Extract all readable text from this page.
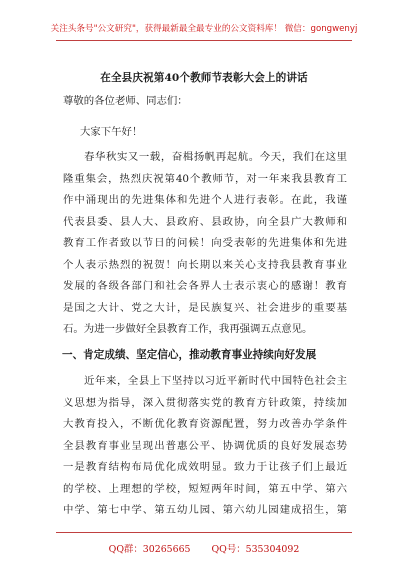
关注头条号"公文研究"，获得最新最全最专业的公文资料库！ 微信：gongwenyj
在全县庆祝第40个教师节表彰大会上的讲话
尊敬的各位老师、同志们：
大家下午好！
春华秋实又一载，奋楫扬帆再起航。今天，我们在这里
隆重集会，热烈庆祝第40个教师节，对一年来我县教育工
作中涌现出的先进集体和先进个人进行表彰。在此，我谨
代表县委、县人大、县政府、县政协，向全县广大教师和
教育工作者致以节日的问候！向受表彰的先进集体和先进
个人表示热烈的祝贺！向长期以来关心支持我县教育事业
发展的各级各部门和社会各界人士表示衷心的感谢！教育
是国之大计、党之大计，是民族复兴、社会进步的重要基
石。为进一步做好全县教育工作，我再强调五点意见。
一、肯定成绩、坚定信心，推动教育事业持续向好发展
近年来，全县上下坚持以习近平新时代中国特色社会主
义思想为指导，深入贯彻落实党的教育方针政策，持续加
大教育投入，不断优化教育资源配置，努力改善办学条件
全县教育事业呈现出普惠公平、协调优质的良好发展态势
一是教育结构布局优化成效明显。致力于让孩子们上最近
的学校、上理想的学校，短短两年时间，第五中学、第六
中学、第七中学、第五幼儿园、第六幼儿园建成招生，第
QQ群：30265665 QQ号：535304092
